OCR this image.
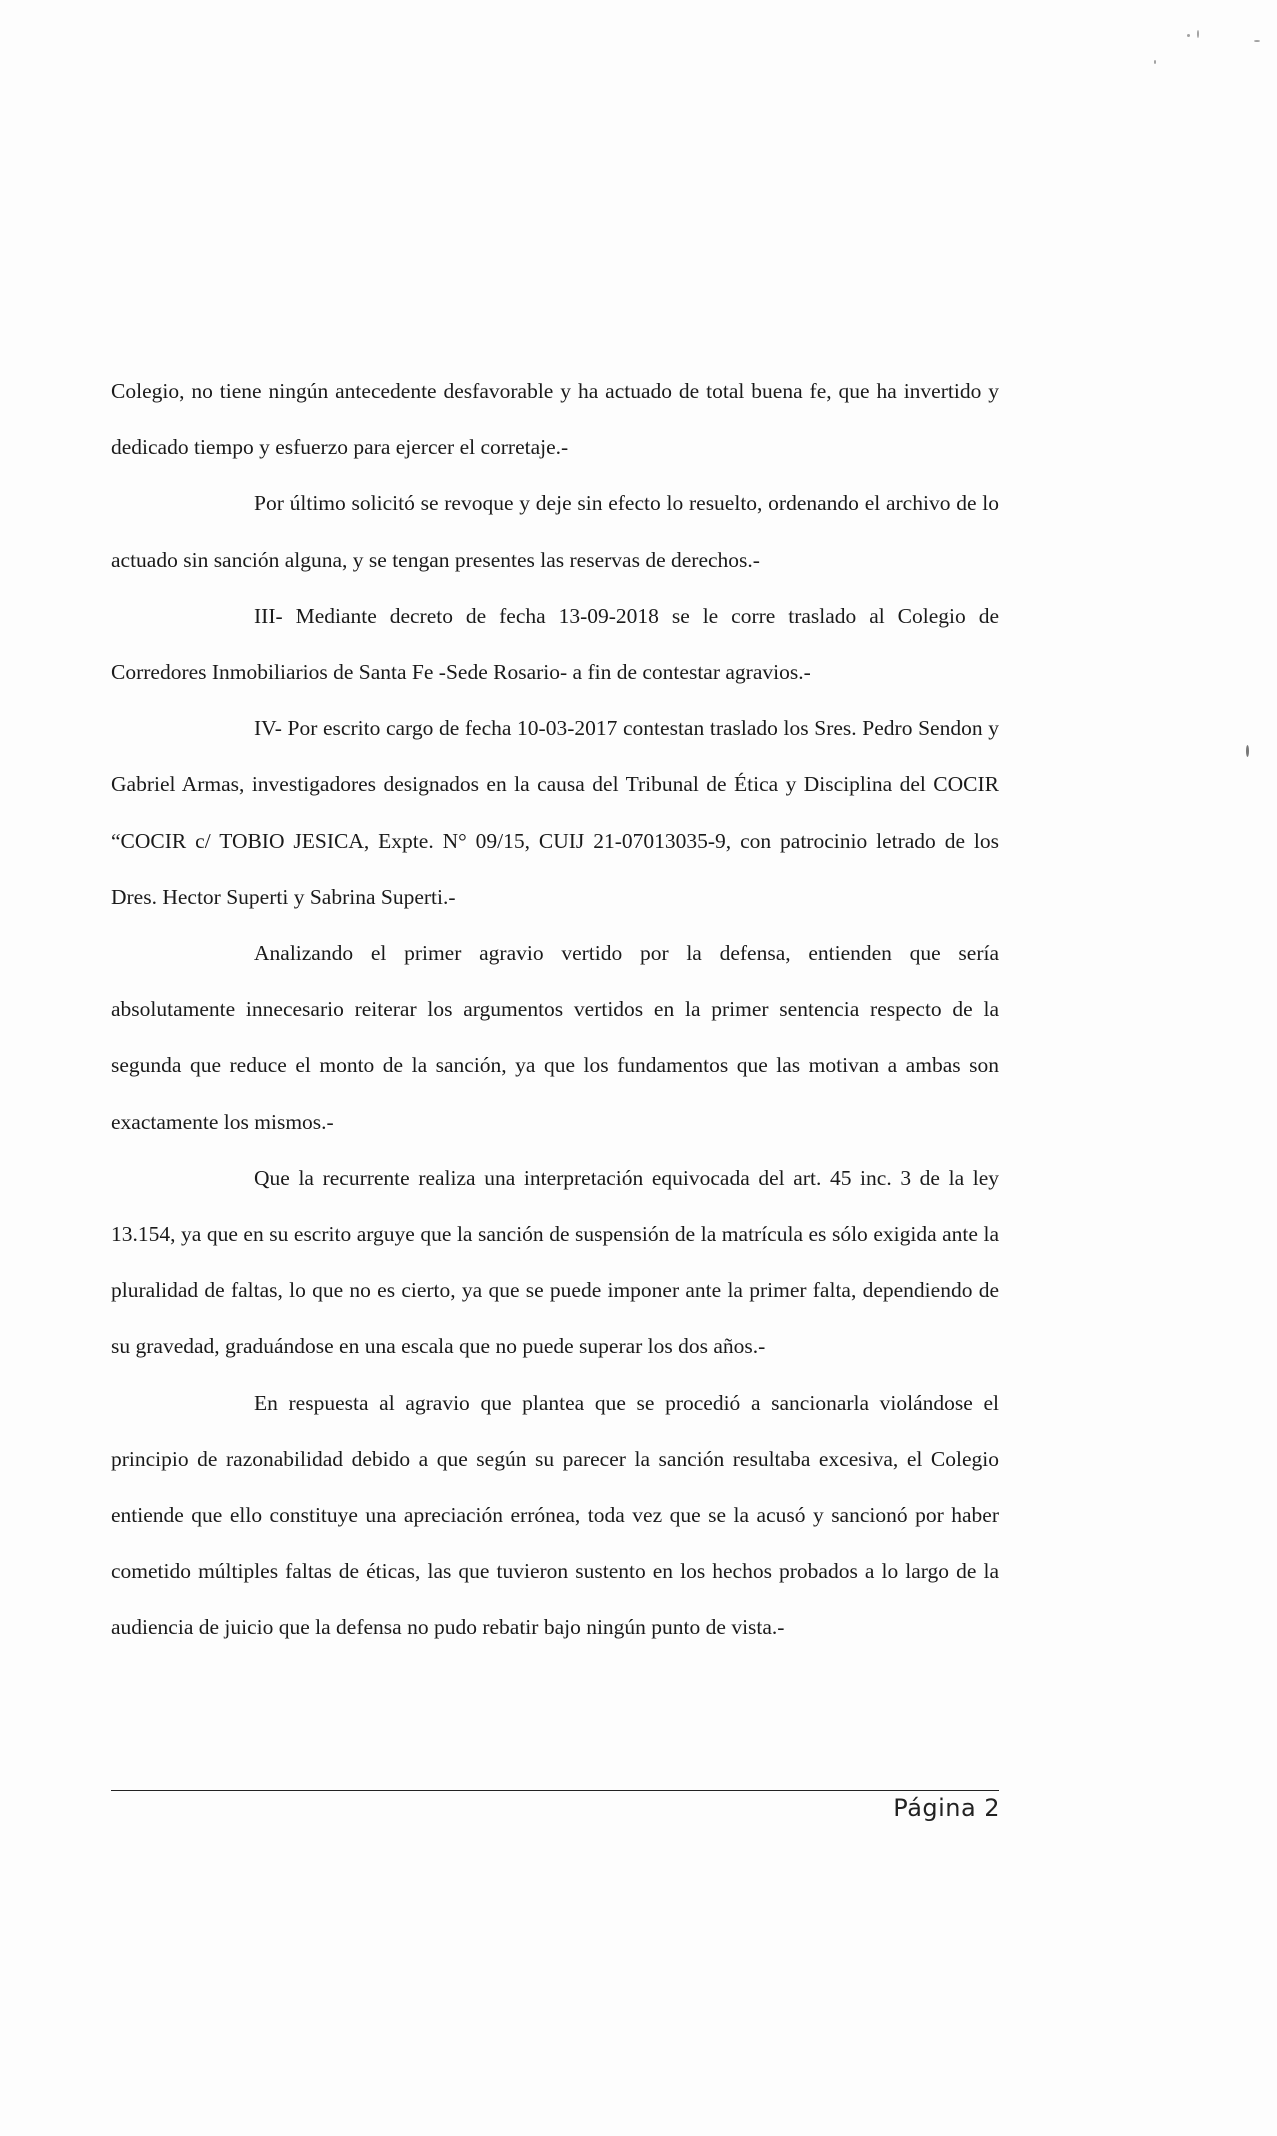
Colegio, no tiene ningún antecedente desfavorable y ha actuado de total buena fe, que ha invertido y dedicado tiempo y esfuerzo para ejercer el corretaje.-

Por último solicitó se revoque y deje sin efecto lo resuelto, ordenando el archivo de lo actuado sin sanción alguna, y se tengan presentes las reservas de derechos.-

III- Mediante decreto de fecha 13-09-2018 se le corre traslado al Colegio de Corredores Inmobiliarios de Santa Fe -Sede Rosario- a fin de contestar agravios.-

IV- Por escrito cargo de fecha 10-03-2017 contestan traslado los Sres. Pedro Sendon y Gabriel Armas, investigadores designados en la causa del Tribunal de Ética y Disciplina del COCIR “COCIR c/ TOBIO JESICA, Expte. N° 09/15, CUIJ 21-07013035-9, con patrocinio letrado de los Dres. Hector Superti y Sabrina Superti.-

Analizando el primer agravio vertido por la defensa, entienden que sería absolutamente innecesario reiterar los argumentos vertidos en la primer sentencia respecto de la segunda que reduce el monto de la sanción, ya que los fundamentos que las motivan a ambas son exactamente los mismos.-

Que la recurrente realiza una interpretación equivocada del art. 45 inc. 3 de la ley 13.154, ya que en su escrito arguye que la sanción de suspensión de la matrícula es sólo exigida ante la pluralidad de faltas, lo que no es cierto, ya que se puede imponer ante la primer falta, dependiendo de su gravedad, graduándose en una escala que no puede superar los dos años.-

En respuesta al agravio que plantea que se procedió a sancionarla violándose el principio de razonabilidad debido a que según su parecer la sanción resultaba excesiva, el Colegio entiende que ello constituye una apreciación errónea, toda vez que se la acusó y sancionó por haber cometido múltiples faltas de éticas, las que tuvieron sustento en los hechos probados a lo largo de la audiencia de juicio que la defensa no pudo rebatir bajo ningún punto de vista.-

Página 2
